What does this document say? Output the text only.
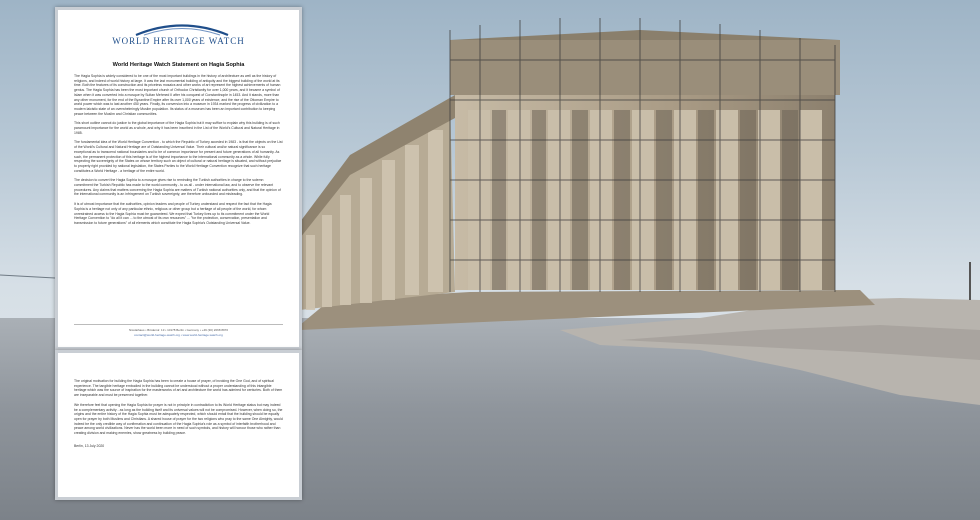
WORLD HERITAGE WATCH
World Heritage Watch Statement on Hagia Sophia

The Hagia Sophia is widely considered to be one of the most important buildings in the history of architecture as well as the history of religions, and indeed of world history at large. It was the last monumental building of antiquity and the biggest building of the world at its time. Both the features of its construction and its priceless mosaics and other works of art represent the highest achievements of human genius. The Hagia Sophia has been the most important church of Orthodox Christianity for over 1,000 years, and it became a symbol of Islam when it was converted into a mosque by Sultan Mehmed II after his conquest of Constantinople in 1453. And it stands, more than any other monument, for the end of the Byzantine Empire after its over 1,000 years of existence, and the rise of the Ottoman Empire to world power which was to last another 450 years. Finally, its conversion into a museum in 1934 marked the progress of civilization to a modern laicistic state of an overwhelmingly Muslim population. Its status of a museum has been an important contribution to keeping peace between the Muslim and Christian communities.

This short outline cannot do justice to the global importance of the Hagia Sophia but it may suffice to explain why this building is of such paramount importance for the world as a whole, and why it has been inscribed in the List of the World's Cultural and Natural Heritage in 1985.

The fundamental idea of the World Heritage Convention - to which the Republic of Turkey acceded in 1983 - is that the objects on the List of the World's Cultural and Natural Heritage are of Outstanding Universal Value. Their cultural and/or natural significance is so exceptional as to transcend national boundaries and to be of common importance for present and future generations of all humanity. As such, the permanent protection of this heritage is of the highest importance to the international community as a whole. While fully respecting the sovereignty of the States on whose territory such an object of cultural or natural heritage is situated, and without prejudice to property right provided by national legislation, the States Parties to the World Heritage Convention recognize that such heritage constitutes a World Heritage - a heritage of the entire world.

The decision to convert the Hagia Sophia to a mosque gives rise to reminding the Turkish authorities in charge to the solemn commitment the Turkish Republic has made to the world community - to us all - under international law, and to observe the relevant procedures. Any claims that matters concerning the Hagia Sophia are matters of Turkish national authorities only, and that the opinion of the international community is an infringement on Turkish sovereignty, are therefore unfounded and misleading.

It is of utmost importance that the authorities, opinion leaders and people of Turkey understand and respect the fact that the Hagia Sophia is a heritage not only of any particular ethnic, religious or other group but a heritage of all people of the world, for whom unrestrained access to the Hagia Sophia must be guaranteed. We expect that Turkey lives up to its commitment under the World Heritage Convention to "do all it can ... to the utmost of its own resources" ... "for the protection, conservation, presentation and transmission to future generations" of all elements which constitute the Hagia Sophia's Outstanding Universal Value.

Nicolaihaus • Brüderstr. 13 • 10178 Berlin • Germany • +49 (30) 2068 8970
contact@world-heritage-watch.org • www.world-heritage-watch.org

The original motivation for building the Hagia Sophia has been to create a house of prayer, of invoking the One God, and of spiritual experience. The tangible heritage embodied in the building cannot be understood without a proper understanding of this intangible heritage which was the source of inspiration for the masterworks of art and architecture the world has admired for centuries. Both of them are inseparable and must be preserved together.

We therefore feel that opening the Hagia Sophia for prayer is not in principle in contradiction to its World Heritage status but may indeed be a complementary activity - as long as the building itself and its universal values will not be compromised. However, when doing so, the origins and the entire history of the Hagia Sophia must be adequately respected, which should entail that the building should be equally open for prayer by both Muslims and Christians. A shared house of prayer for the two religions who pray to the same One Almighty, would indeed be the only credible way of confirmation and continuation of the Hagia Sophia's role as a symbol of interfaith brotherhood and peace among world civilizations. Never has the world been more in need of such symbols, and history will honour those who rather than creating division and making enemies, show greatness by building peace.

Berlin, 13 July 2020
